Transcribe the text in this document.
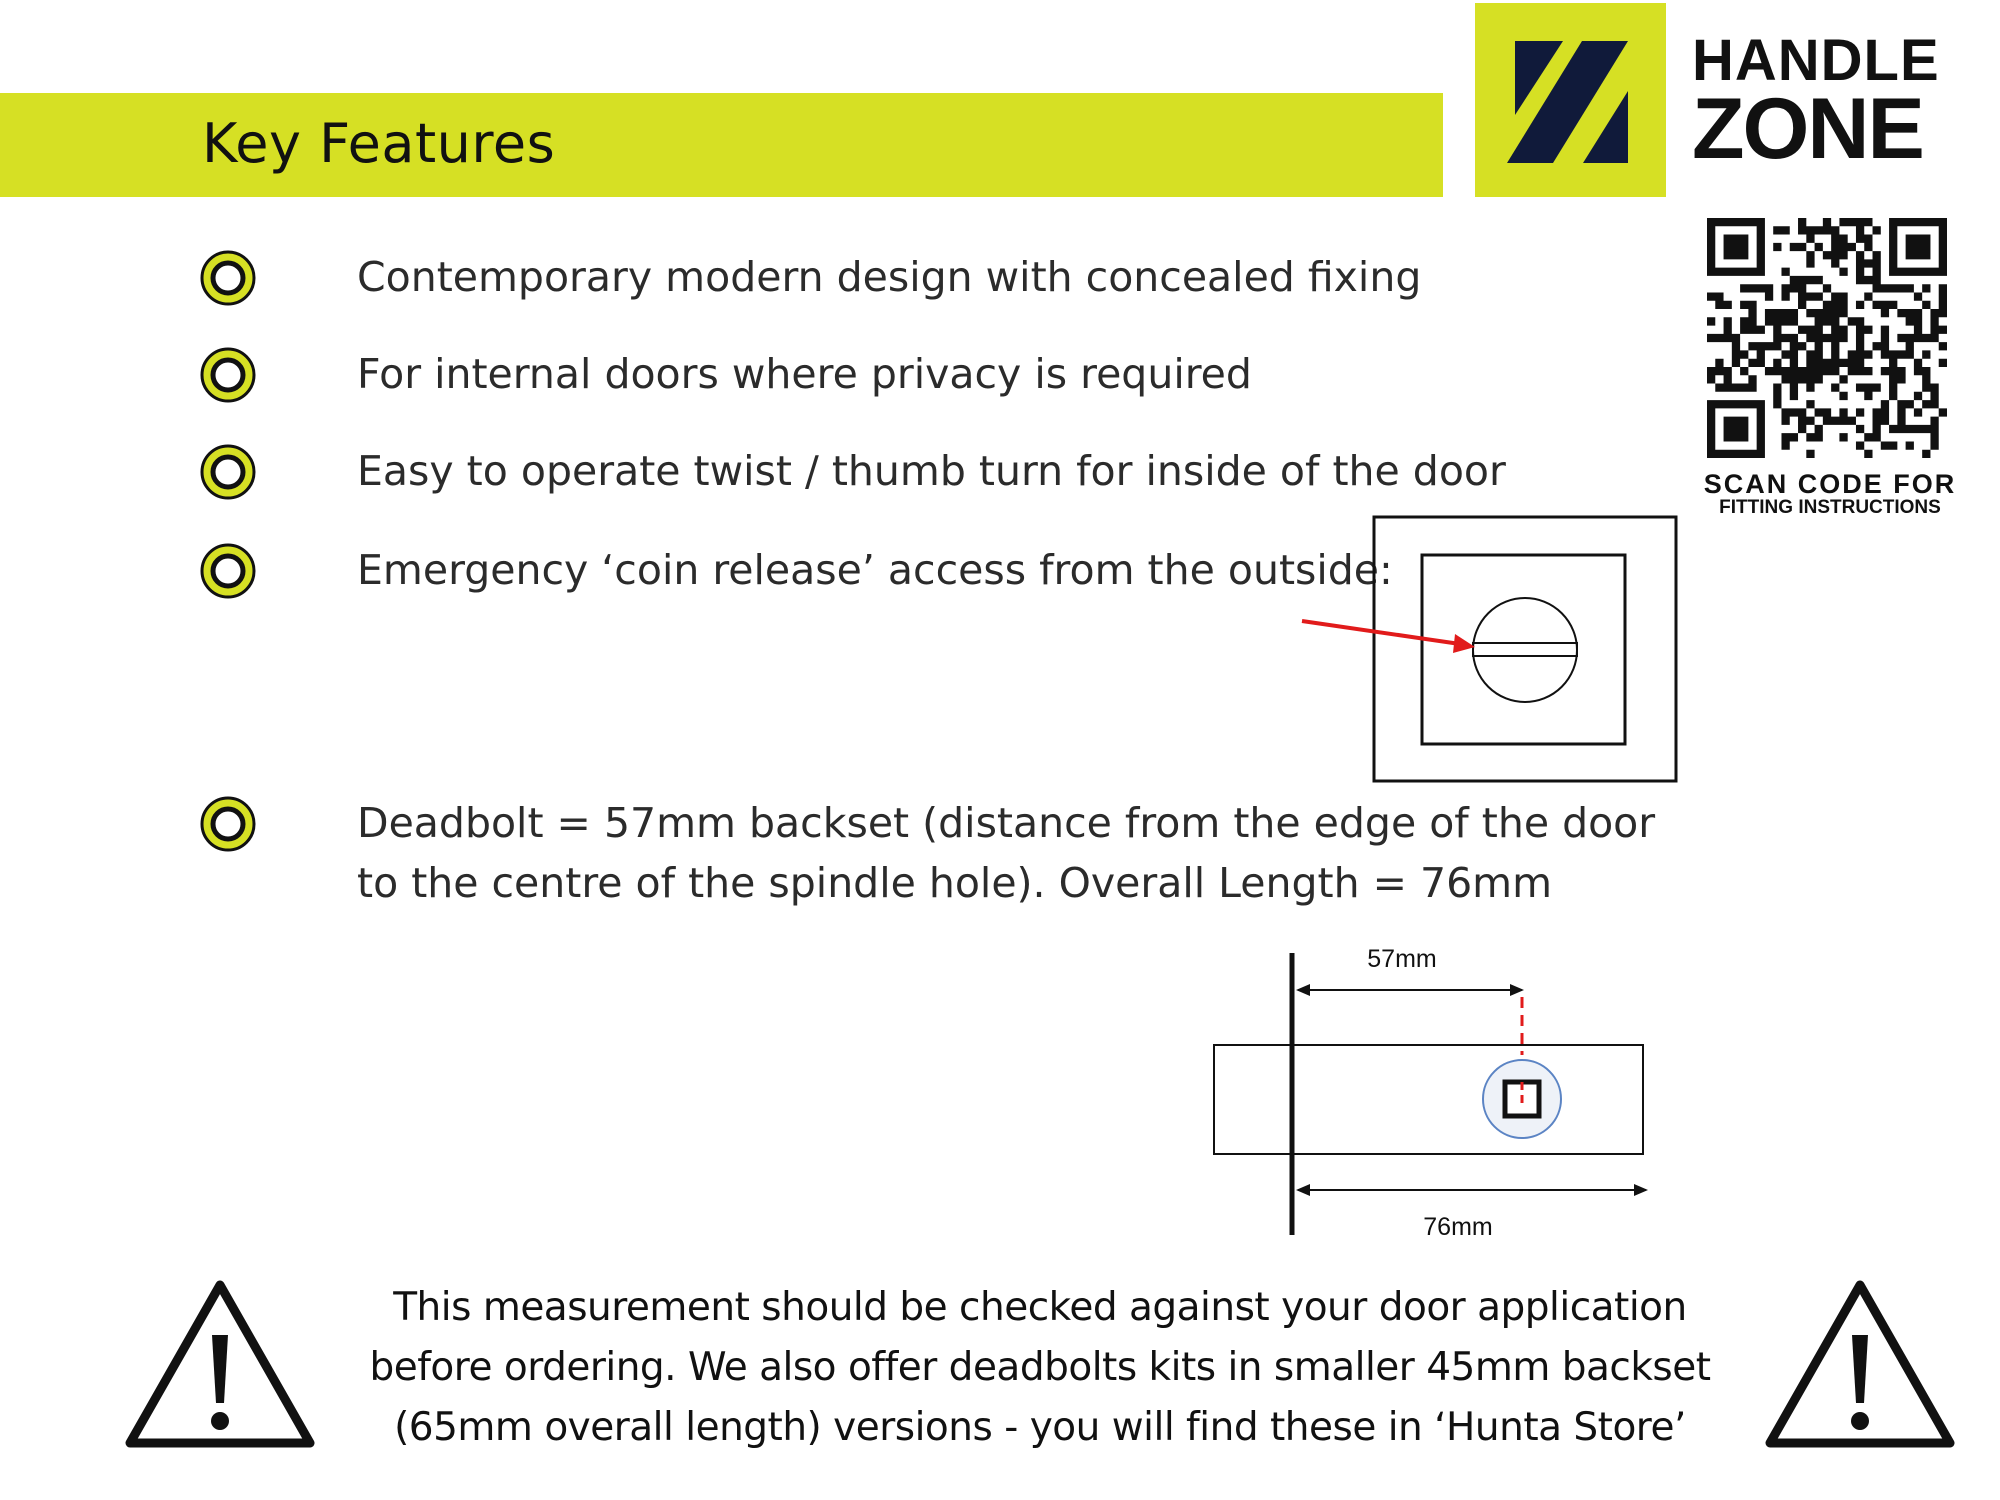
Key Features
HANDLE
ZONE
SCAN CODE FOR
FITTING INSTRUCTIONS
Contemporary modern design with concealed fixing
For internal doors where privacy is required
Easy to operate twist / thumb turn for inside of the door
Emergency ‘coin release’ access from the outside:
Deadbolt = 57mm backset (distance from the edge of the door
to the centre of the spindle hole). Overall Length = 76mm
57mm
76mm
This measurement should be checked against your door application
before ordering. We also offer deadbolts kits in smaller 45mm backset
(65mm overall length) versions - you will find these in ‘Hunta Store’
